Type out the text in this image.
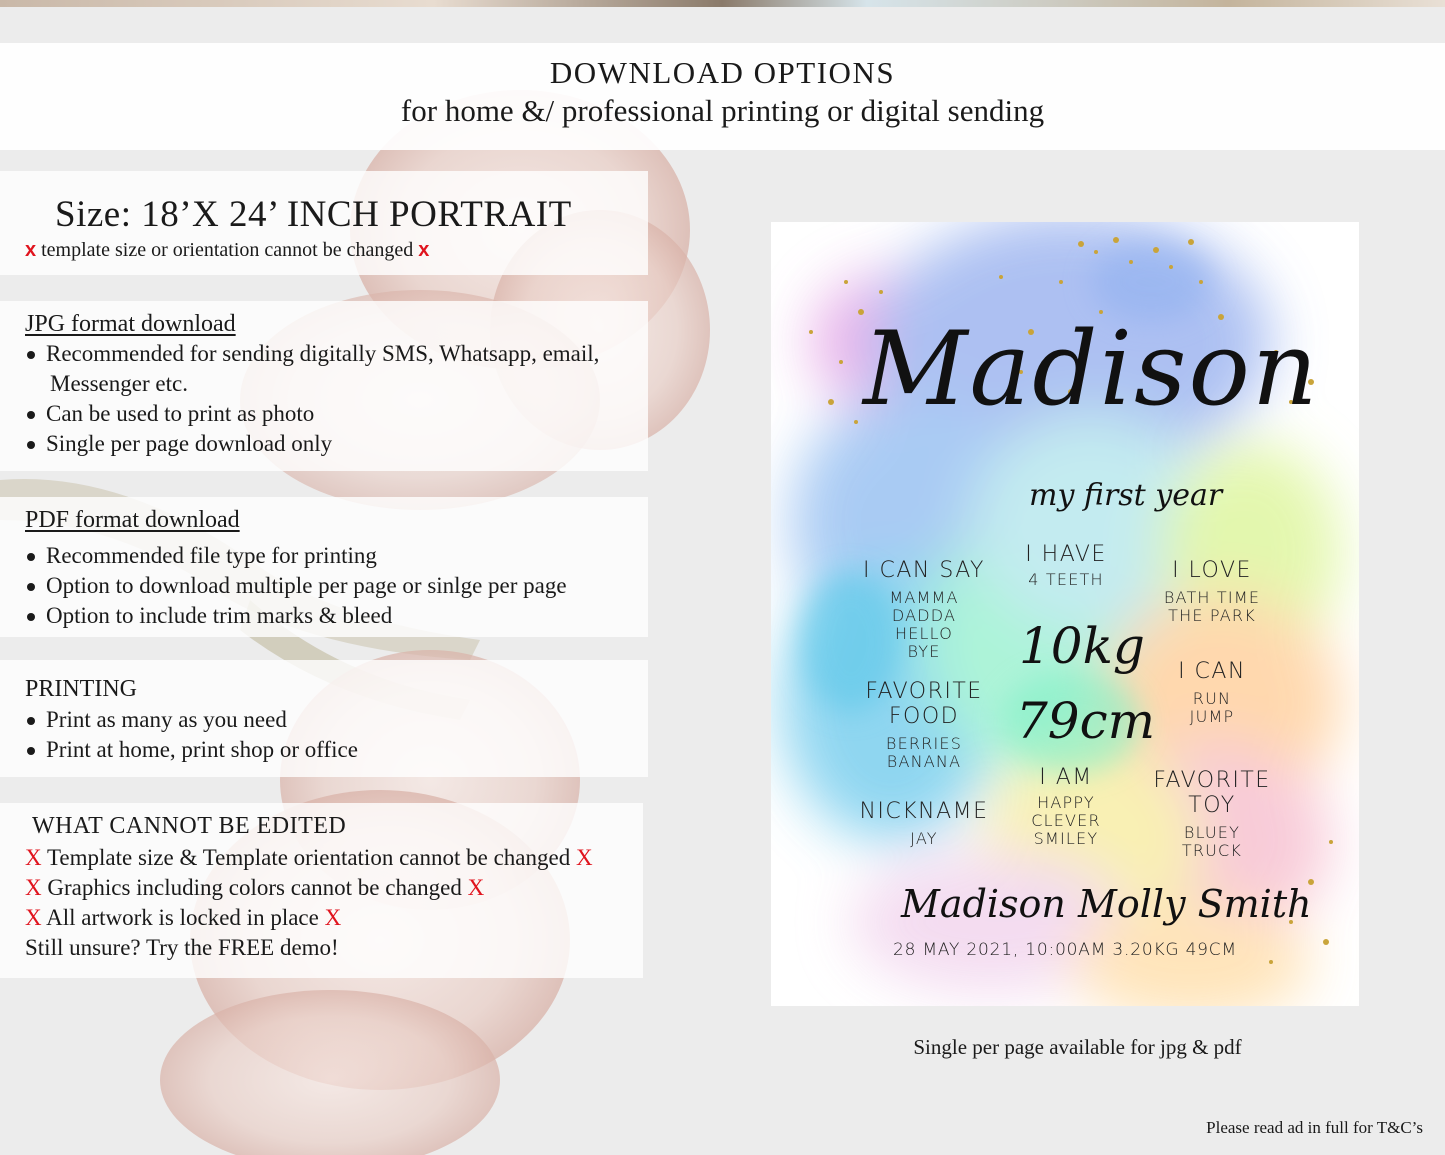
DOWNLOAD OPTIONS
for home &/ professional printing or digital sending
Size: 18’X 24’ INCH PORTRAIT
x template size or orientation cannot be changed x
JPG format download
Recommended for sending digitally SMS, Whatsapp, email,
Messenger etc.
Can be used to print as photo
Single per page download only
PDF format download
Recommended file type for printing
Option to download multiple per page or sinlge per page
Option to include trim marks & bleed
PRINTING
Print as many as you need
Print at home, print shop or office
WHAT CANNOT BE EDITED
X Template size & Template orientation cannot be changed X
X Graphics including colors cannot be changed X
X All artwork is locked in place X
Still unsure? Try the FREE demo!
Madison
my first year
I CAN SAY
MAMMA
DADDA
HELLO
BYE
I HAVE
4 TEETH	I LOVE
BATH TIME
THE PARK
10kg
79cm
I CAN
RUN
JUMP
FAVORITE
FOOD
BERRIES
BANANA
I AM
HAPPY
CLEVER
SMILEY
NICKNAME
JAY
FAVORITE
TOY
BLUEY
TRUCK
Madison Molly Smith
28 MAY 2021, 10:00AM 3.20KG 49CM
Single per page available for jpg & pdf
Please read ad in full for T&C’s
